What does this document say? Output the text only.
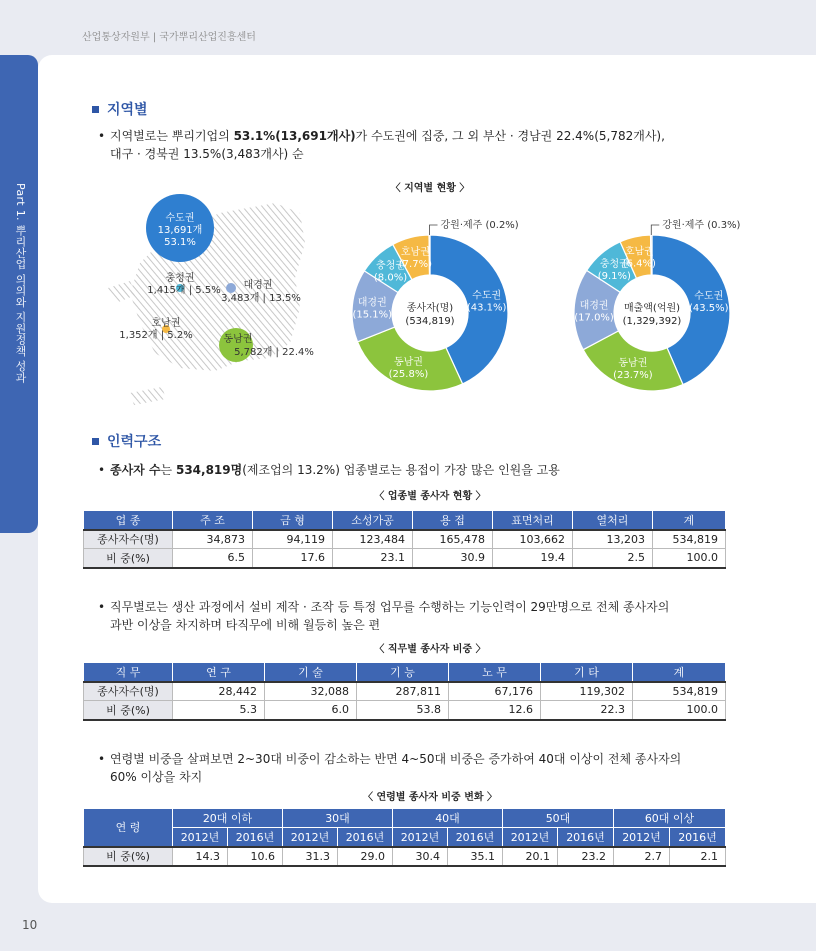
산업통상자원부 | 국가뿌리산업진흥센터
Part 1. 뿌리산업 의의와 지원정책 성과
지역별
• 지역별로는 뿌리기업의 53.1%(13,691개사)가 수도권에 집중, 그 외 부산 · 경남권 22.4%(5,782개사),
대구 · 경북권 13.5%(3,483개사) 순
〈 지역별 현황 〉
수도권
13,691개
53.1%
충청권
1,415개 | 5.5% 대경권
3,483개 | 13.5%
호남권
1,352개 | 5.2%	동남권
5,782개 | 22.4%
수도권
(43.1%)
동남권
(25.8%)
대경권
(15.1%)
충청권
(8.0%)
호남권
(7.7%)
강원·제주 (0.2%)
종사자(명)
(534,819)
수도권
(43.5%)
동남권
(23.7%)
대경권
(17.0%)
충청권
(9.1%)
호남권
(6.4%)
강원·제주 (0.3%)
매출액(억원)
(1,329,392)
인력구조
• 종사자 수는 534,819명(제조업의 13.2%) 업종별로는 용접이 가장 많은 인원을 고용
〈 업종별 종사자 현황 〉
업 종	주 조	금 형	소성가공	용 접	표면처리	열처리	계
종사자수(명)	34,873	94,119	123,484	165,478	103,662	13,203	534,819
비 중(%)	6.5	17.6	23.1	30.9	19.4	2.5	100.0
• 직무별로는 생산 과정에서 설비 제작 · 조작 등 특정 업무를 수행하는 기능인력이 29만명으로 전체 종사자의
과반 이상을 차지하며 타직무에 비해 월등히 높은 편
〈 직무별 종사자 비중 〉
직 무	연 구	기 술	기 능	노 무	기 타	계
종사자수(명)	28,442	32,088	287,811	67,176	119,302	534,819
비 중(%)	5.3	6.0	53.8	12.6	22.3	100.0
• 연령별 비중을 살펴보면 2~30대 비중이 감소하는 반면 4~50대 비중은 증가하여 40대 이상이 전체 종사자의
60% 이상을 차지
〈 연령별 종사자 비중 변화 〉
연 령	20대 이하		30대		40대		50대		60대 이상	
	2012년	2016년	2012년	2016년	2012년	2016년	2012년	2016년	2012년	2016년
비 중(%)	14.3	10.6	31.3	29.0	30.4	35.1	20.1	23.2	2.7	2.1
10
